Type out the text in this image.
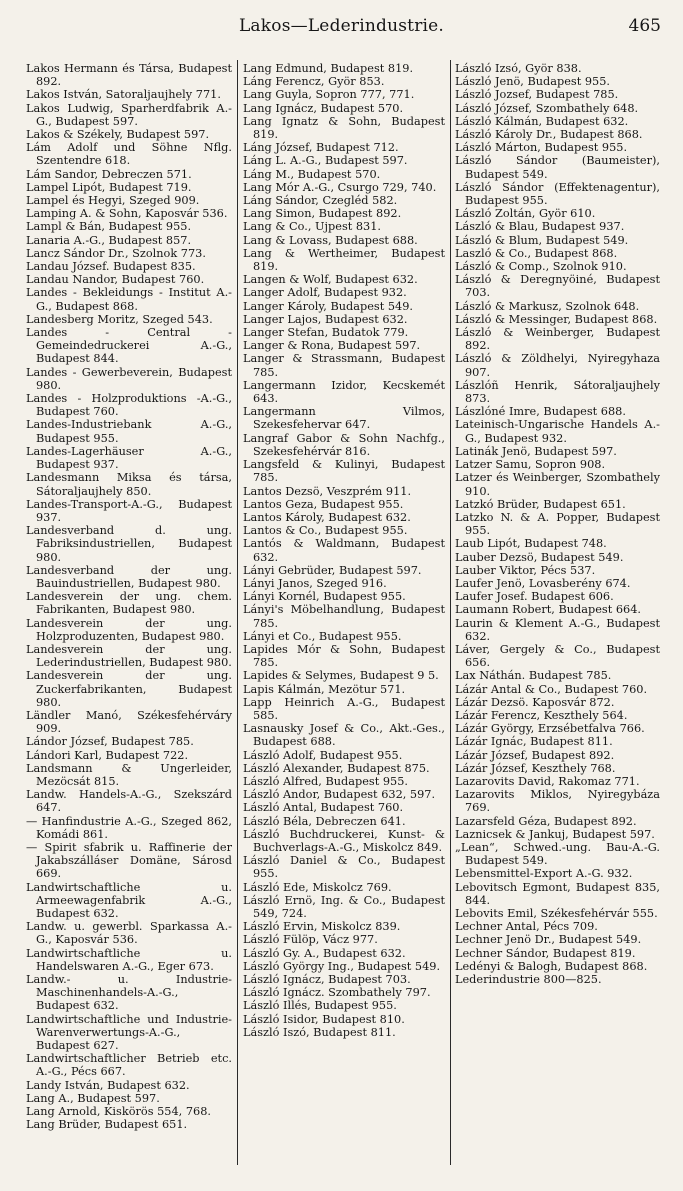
Lakos—Lederindustrie.	465
Lakos Hermann és Társa, Budapest 892.
Lakos István, Satoraljaujhely 771.
Lakos Ludwig, Sparherdfabrik A.-G., Budapest 597.
Lakos & Székely, Budapest 597.
Lám Adolf und Söhne Nflg. Szentendre 618.
Lám Sandor, Debreczen 571.
Lampel Lipót, Budapest 719.
Lampel és Hegyi, Szeged 909.
Lamping A. & Sohn, Kaposvár 536.
Lampl & Bán, Budapest 955.
Lanaria A.-G., Budapest 857.
Lancz Sándor Dr., Szolnok 773.
Landau József. Budapest 835.
Landau Nandor, Budapest 760.
Landes - Bekleidungs - Institut A.-G., Budapest 868.
Landesberg Moritz, Szeged 543.
Landes - Central - Gemeindedruckerei A.-G., Budapest 844.
Landes - Gewerbeverein, Budapest 980.
Landes - Holzproduktions -A.-G., Budapest 760.
Landes-Industriebank A.-G., Budapest 955.
Landes-Lagerhäuser A.-G., Budapest 937.
Landesmann Miksa és társa, Sátoraljaujhely 850.
Landes-Transport-A.-G., Budapest 937.
Landesverband d. ung. Fabriksindustriellen, Budapest 980.
Landesverband der ung. Bauindustriellen, Budapest 980.
Landesverein der ung. chem. Fabrikanten, Budapest 980.
Landesverein der ung. Holzproduzenten, Budapest 980.
Landesverein der ung. Lederindustriellen, Budapest 980.
Landesverein der ung. Zuckerfabrikanten, Budapest 980.
Ländler Manó, Székesfehérváry 909.
Lándor József, Budapest 785.
Lándori Karl, Budapest 722.
Landsmann & Ungerleider, Mezöcsát 815.
Landw. Handels-A.-G., Szekszárd 647.
— Hanfindustrie A.-G., Szeged 862, Komádi 861.
— Spirit sfabrik u. Raffinerie der Jakabszálláser Domäne, Sárosd 669.
Landwirtschaftliche u. Armeewagenfabrik A.-G., Budapest 632.
Landw. u. gewerbl. Sparkassa A.-G., Kaposvár 536.
Landwirtschaftliche u. Handelswaren A.-G., Eger 673.
Landw.- u. Industrie-Maschinenhandels-A.-G., Budapest 632.
Landwirtschaftliche und Industrie-Warenverwertungs-A.-G., Budapest 627.
Landwirtschaftlicher Betrieb etc. A.-G., Pécs 667.
Landy István, Budapest 632.
Lang A., Budapest 597.
Lang Arnold, Kiskörös 554, 768.
Lang Brüder, Budapest 651.
Lang Edmund, Budapest 819.
Láng Ferencz, Györ 853.
Lang Guyla, Sopron 777, 771.
Lang Ignácz, Budapest 570.
Lang Ignatz & Sohn, Budapest 819.
Láng József, Budapest 712.
Láng L. A.-G., Budapest 597.
Láng M., Budapest 570.
Lang Mór A.-G., Csurgo 729, 740.
Láng Sándor, Czegléd 582.
Lang Simon, Budapest 892.
Lang & Co., Ujpest 831.
Lang & Lovass, Budapest 688.
Lang & Wertheimer, Budapest 819.
Langen & Wolf, Budapest 632.
Langer Adolf, Budapest 932.
Langer Károly, Budapest 549.
Langer Lajos, Budapest 632.
Langer Stefan, Budatok 779.
Langer & Rona, Budapest 597.
Langer & Strassmann, Budapest 785.
Langermann Izidor, Kecskemét 643.
Langermann Vilmos, Szekesfehervar 647.
Langraf Gabor & Sohn Nachfg., Szekesfehérvár 816.
Langsfeld & Kulinyi, Budapest 785.
Lantos Dezsö, Veszprém 911.
Lantos Geza, Budapest 955.
Lantos Károly, Budapest 632.
Lantos & Co., Budapest 955.
Lantós & Waldmann, Budapest 632.
Lányi Gebrüder, Budapest 597.
Lányi Janos, Szeged 916.
Lányi Kornél, Budapest 955.
Lányi's Möbelhandlung, Budapest 785.
Lányi et Co., Budapest 955.
Lapides Mór & Sohn, Budapest 785.
Lapides & Selymes, Budapest 9 5.
Lapis Kálmán, Mezötur 571.
Lapp Heinrich A.-G., Budapest 585.
Lasnausky Josef & Co., Akt.-Ges., Budapest 688.
László Adolf, Budapest 955.
László Alexander, Budapest 875.
László Alfred, Budapest 955.
László Andor, Budapest 632, 597.
László Antal, Budapest 760.
László Béla, Debreczen 641.
László Buchdruckerei, Kunst- & Buchverlags-A.-G., Miskolcz 849.
László Daniel & Co., Budapest 955.
László Ede, Miskolcz 769.
László Ernö, Ing. & Co., Budapest 549, 724.
László Ervin, Miskolcz 839.
László Fülöp, Vácz 977.
László Gy. A., Budapest 632.
László György Ing., Budapest 549.
László Ignácz, Budapest 703.
László Ignácz. Szombathely 797.
László Illés, Budapest 955.
László Isidor, Budapest 810.
László Iszó, Budapest 811.
László Izsó, Györ 838.
László Jenö, Budapest 955.
László Jozsef, Budapest 785.
László József, Szombathely 648.
László Kálmán, Budapest 632.
László Károly Dr., Budapest 868.
László Márton, Budapest 955.
László Sándor (Baumeister), Budapest 549.
László Sándor (Effektenagentur), Budapest 955.
László Zoltán, Györ 610.
László & Blau, Budapest 937.
László & Blum, Budapest 549.
Laszló & Co., Budapest 868.
László & Comp., Szolnok 910.
László & Deregnyöiné, Budapest 703.
László & Markusz, Szolnok 648.
László & Messinger, Budapest 868.
László & Weinberger, Budapest 892.
László & Zöldhelyi, Nyiregyhaza 907.
Lászlóñ Henrik, Sátoraljaujhely 873.
Lászlóné Imre, Budapest 688.
Lateinisch-Ungarische Handels A.-G., Budapest 932.
Latinák Jenö, Budapest 597.
Latzer Samu, Sopron 908.
Latzer és Weinberger, Szombathely 910.
Latzkó Brüder, Budapest 651.
Latzko N. & A. Popper, Budapest 955.
Laub Lipót, Budapest 748.
Lauber Dezsö, Budapest 549.
Lauber Viktor, Pécs 537.
Laufer Jenö, Lovasberény 674.
Laufer Josef. Budapest 606.
Laumann Robert, Budapest 664.
Laurin & Klement A.-G., Budapest 632.
Láver, Gergely & Co., Budapest 656.
Lax Náthán. Budapest 785.
Lázár Antal & Co., Budapest 760.
Lázár Dezsö. Kaposvár 872.
Lázár Ferencz, Keszthely 564.
Lázár György, Erzsébetfalva 766.
Lázár Ignác, Budapest 811.
Lázár József, Budapest 892.
Lázár József, Keszthely 768.
Lazarovits David, Rakomaz 771.
Lazarovits Miklos, Nyiregybáza 769.
Lazarsfeld Géza, Budapest 892.
Laznicsek & Jankuj, Budapest 597.
„Lean“, Schwed.-ung. Bau-A.-G. Budapest 549.
Lebensmittel-Export A.-G. 932.
Lebovitsch Egmont, Budapest 835, 844.
Lebovits Emil, Székesfehérvár 555.
Lechner Antal, Pécs 709.
Lechner Jenö Dr., Budapest 549.
Lechner Sándor, Budapest 819.
Ledényi & Balogh, Budapest 868.
Lederindustrie 800—825.
